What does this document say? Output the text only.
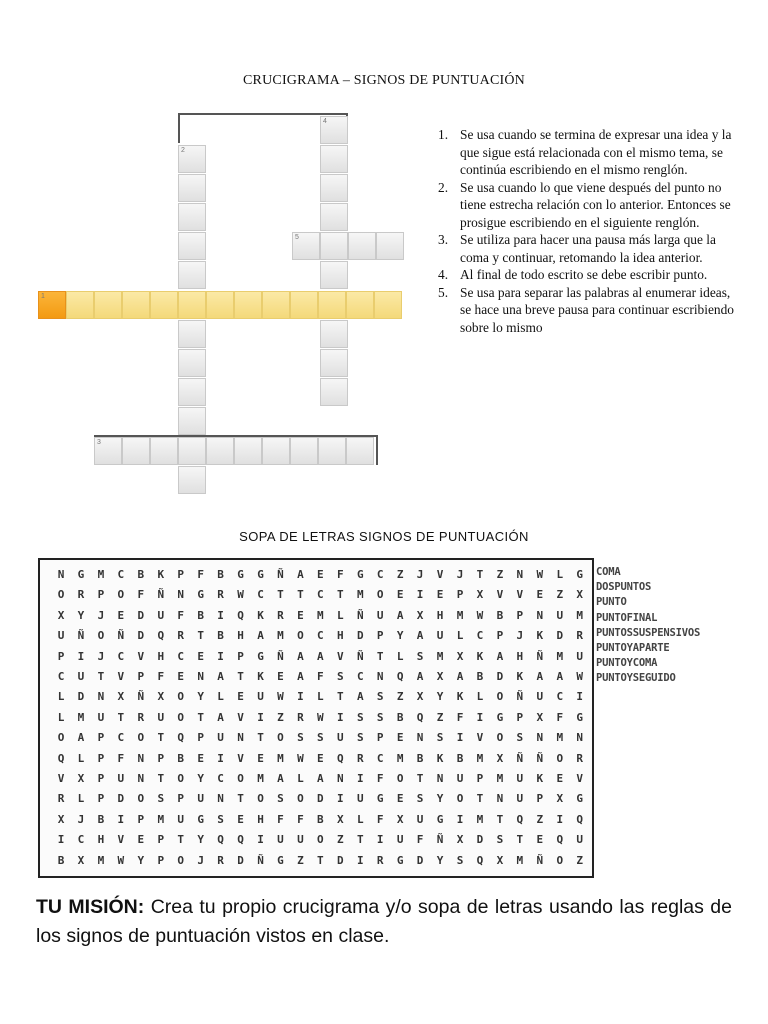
CRUCIGRAMA – SIGNOS DE PUNTUACIÓN
1
2
3
4
5
1. Se usa cuando se termina de expresar una idea y la que sigue está relacionada con el mismo tema, se continúa escribiendo en el mismo renglón.
2. Se usa cuando lo que viene después del punto no tiene estrecha relación con lo anterior. Entonces se prosigue escribiendo en el siguiente renglón.
3. Se utiliza para hacer una pausa más larga que la coma y continuar, retomando la idea anterior.
4. Al final de todo escrito se debe escribir punto.
5. Se usa para separar las palabras al enumerar ideas, se hace una breve pausa para continuar escribiendo sobre lo mismo
SOPA DE LETRAS SIGNOS DE PUNTUACIÓN
N	G	M	C	B	K	P	F	B	G	G	Ñ	A	E	F	G	C	Z	J	V	J	T	Z	N	W	L	G
O	R	P	O	F	Ñ	N	G	R	W	C	T	T	C	T	M	O	E	I	E	P	X	V	V	E	Z	X
X	Y	J	E	D	U	F	B	I	Q	K	R	E	M	L	Ñ	U	A	X	H	M	W	B	P	N	U	M
U	Ñ	O	Ñ	D	Q	R	T	B	H	A	M	O	C	H	D	P	Y	A	U	L	C	P	J	K	D	R
P	I	J	C	V	H	C	E	I	P	G	Ñ	A	A	V	Ñ	T	L	S	M	X	K	A	H	Ñ	M	U
C	U	T	V	P	F	E	N	A	T	K	E	A	F	S	C	N	Q	A	X	A	B	D	K	A	A	W
L	D	N	X	Ñ	X	O	Y	L	E	U	W	I	L	T	A	S	Z	X	Y	K	L	O	Ñ	U	C	I
L	M	U	T	R	U	O	T	A	V	I	Z	R	W	I	S	S	B	Q	Z	F	I	G	P	X	F	G
O	A	P	C	O	T	Q	P	U	N	T	O	S	S	U	S	P	E	N	S	I	V	O	S	N	M	N
Q	L	P	F	N	P	B	E	I	V	E	M	W	E	Q	R	C	M	B	K	B	M	X	Ñ	Ñ	O	R
V	X	P	U	N	T	O	Y	C	O	M	A	L	A	N	I	F	O	T	N	U	P	M	U	K	E	V
R	L	P	D	O	S	P	U	N	T	O	S	O	D	I	U	G	E	S	Y	O	T	N	U	P	X	G
X	J	B	I	P	M	U	G	S	E	H	F	F	B	X	L	F	X	U	G	I	M	T	Q	Z	I	Q
I	C	H	V	E	P	T	Y	Q	Q	I	U	U	O	Z	T	I	U	F	Ñ	X	D	S	T	E	Q	U
B	X	M	W	Y	P	O	J	R	D	Ñ	G	Z	T	D	I	R	G	D	Y	S	Q	X	M	Ñ	O	Z
COMA
DOSPUNTOS
PUNTO
PUNTOFINAL
PUNTOSSUSPENSIVOS
PUNTOYAPARTE
PUNTOYCOMA
PUNTOYSEGUIDO
TU MISIÓN: Crea tu propio crucigrama y/o sopa de letras usando las reglas de los signos de puntuación vistos en clase.
